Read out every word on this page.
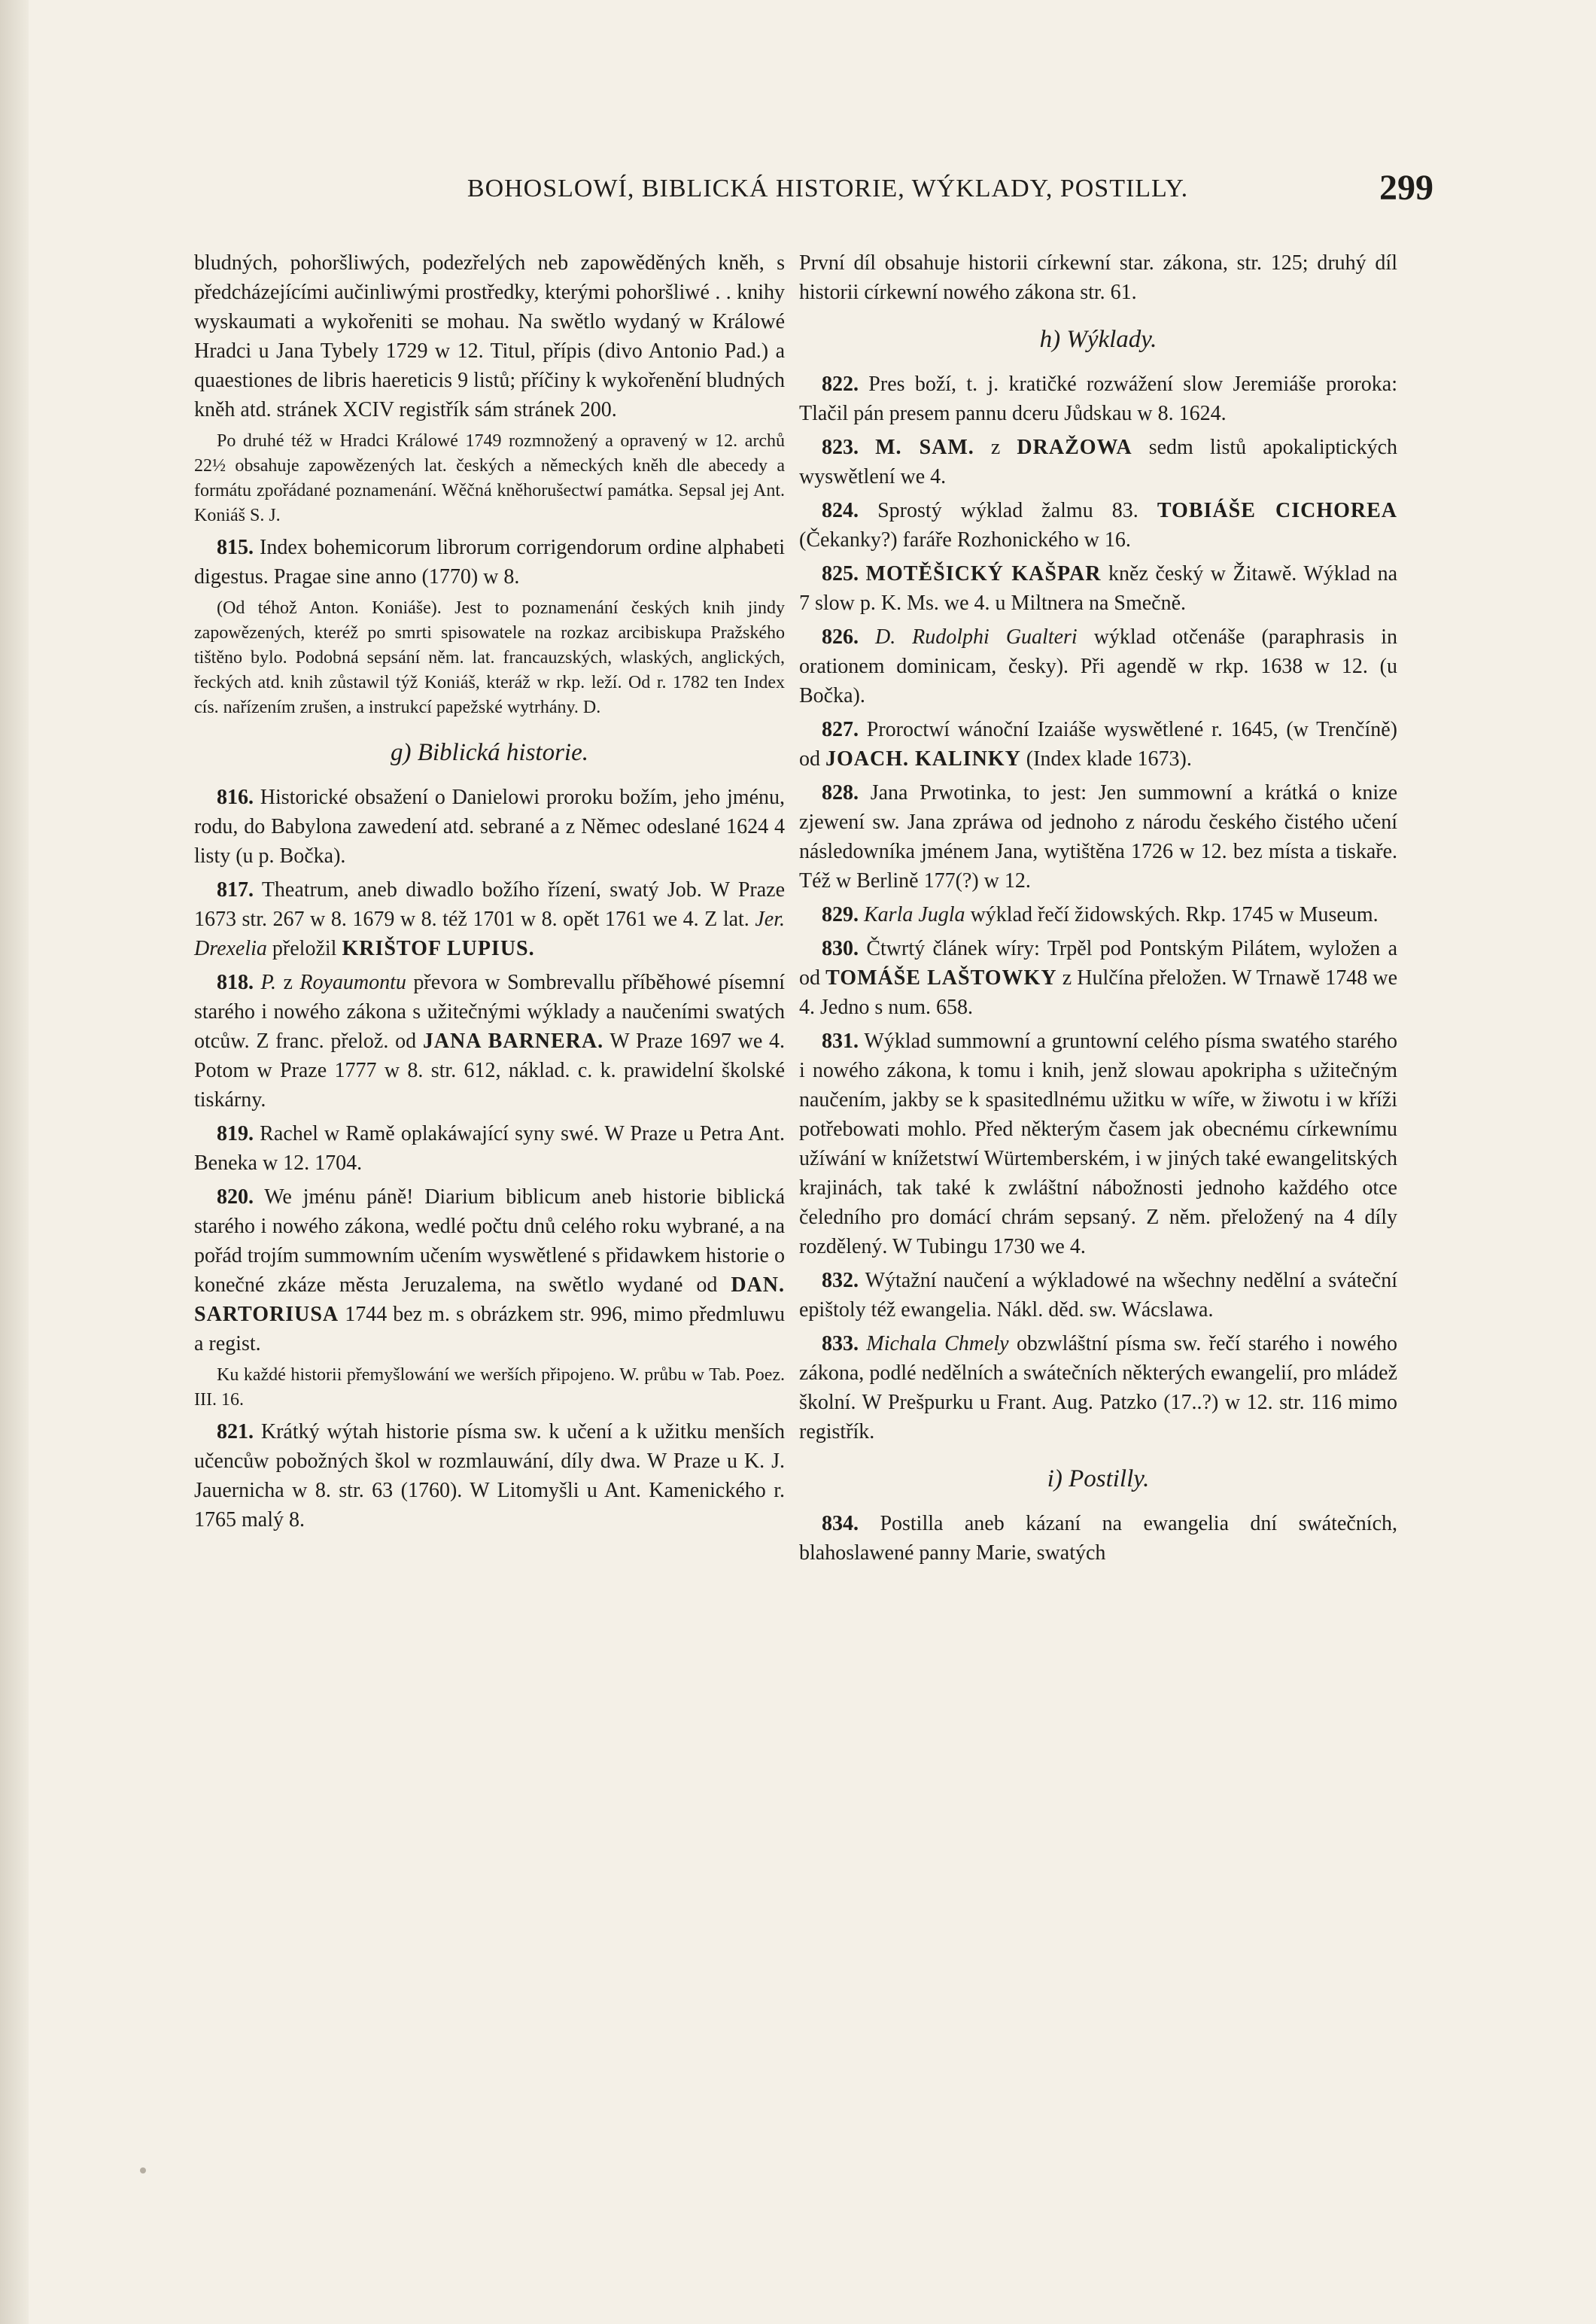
BOHOSLOWÍ, BIBLICKÁ HISTORIE, WÝKLADY, POSTILLY.	299

bludných, pohoršliwých, podezřelých neb zapowěděných kněh, s předcházejícími aučinliwými prostředky, kterými pohoršliwé . . knihy wyskaumati a wykořeniti se mohau. Na swětlo wydaný w Králowé Hradci u Jana Tybely 1729 w 12. Titul, přípis (divo Antonio Pad.) a quaestiones de libris haereticis 9 listů; příčiny k wykořenění bludných kněh atd. stránek XCIV registřík sám stránek 200.

Po druhé též w Hradci Králowé 1749 rozmnožený a opravený w 12. archů 22½ obsahuje zapowězených lat. českých a německých kněh dle abecedy a formátu zpořádané poznamenání. Wěčná kněhorušectwí památka. Sepsal jej Ant. Koniáš S. J.

815. Index bohemicorum librorum corrigendorum ordine alphabeti digestus. Pragae sine anno (1770) w 8.

(Od téhož Anton. Koniáše). Jest to poznamenání českých knih jindy zapowězených, kteréž po smrti spisowatele na rozkaz arcibiskupa Pražského tištěno bylo. Podobná sepsání něm. lat. francauzských, wlaských, anglických, řeckých atd. knih zůstawil týž Koniáš, kteráž w rkp. leží. Od r. 1782 ten Index cís. nařízením zrušen, a instrukcí papežské wytrhány. D.

g) Biblická historie.

816. Historické obsažení o Danielowi proroku božím, jeho jménu, rodu, do Babylona zawedení atd. sebrané a z Němec odeslané 1624 4 listy (u p. Bočka).

817. Theatrum, aneb diwadlo božího řízení, swatý Job. W Praze 1673 str. 267 w 8. 1679 w 8. též 1701 w 8. opět 1761 we 4. Z lat. Jer. Drexelia přeložil KRIŠTOF LUPIUS.

818. P. z Royaumontu převora w Sombrevallu příběhowé písemní starého i nowého zákona s užitečnými wýklady a naučeními swatých otcůw. Z franc. přelož. od JANA BARNERA. W Praze 1697 we 4. Potom w Praze 1777 w 8. str. 612, náklad. c. k. prawidelní školské tiskárny.

819. Rachel w Ramě oplakáwající syny swé. W Praze u Petra Ant. Beneka w 12. 1704.

820. We jménu páně! Diarium biblicum aneb historie biblická starého i nowého zákona, wedlé počtu dnů celého roku wybrané, a na pořád trojím summowním učením wyswětlené s přidawkem historie o konečné zkáze města Jeruzalema, na swětlo wydané od DAN. SARTORIUSA 1744 bez m. s obrázkem str. 996, mimo předmluwu a regist.

Ku každé historii přemyšlowání we werších připojeno. W. průbu w Tab. Poez. III. 16.

821. Krátký wýtah historie písma sw. k učení a k užitku menších učencůw pobožných škol w rozmlauwání, díly dwa. W Praze u K. J. Jauernicha w 8. str. 63 (1760). W Litomyšli u Ant. Kamenického r. 1765 malý 8.

První díl obsahuje historii církewní star. zákona, str. 125; druhý díl historii církewní nowého zákona str. 61.

h) Wýklady.

822. Pres boží, t. j. kratičké rozwážení slow Jeremiáše proroka: Tlačil pán presem pannu dceru Jůdskau w 8. 1624.

823. M. SAM. z DRAŽOWA sedm listů apokaliptických wyswětlení we 4.

824. Sprostý wýklad žalmu 83. TOBIÁŠE CICHOREA (Čekanky?) faráře Rozhonického w 16.

825. MOTĚŠICKÝ KAŠPAR kněz český w Žitawě. Wýklad na 7 slow p. K. Ms. we 4. u Miltnera na Smečně.

826. D. Rudolphi Gualteri wýklad otčenáše (paraphrasis in orationem dominicam, česky). Při agendě w rkp. 1638 w 12. (u Bočka).

827. Proroctwí wánoční Izaiáše wyswětlené r. 1645, (w Trenčíně) od JOACH. KALINKY (Index klade 1673).

828. Jana Prwotinka, to jest: Jen summowní a krátká o knize zjewení sw. Jana zpráwa od jednoho z národu českého čistého učení následowníka jménem Jana, wytištěna 1726 w 12. bez místa a tiskaře. Též w Berlině 177(?) w 12.

829. Karla Jugla wýklad řečí židowských. Rkp. 1745 w Museum.

830. Čtwrtý článek wíry: Trpěl pod Pontským Pilátem, wyložen a od TOMÁŠE LAŠTOWKY z Hulčína přeložen. W Trnawě 1748 we 4. Jedno s num. 658.

831. Wýklad summowní a gruntowní celého písma swatého starého i nowého zákona, k tomu i knih, jenž slowau apokripha s užitečným naučením, jakby se k spasitedlnému užitku w wíře, w žiwotu i w kříži potřebowati mohlo. Před některým časem jak obecnému církewnímu užíwání w knížetstwí Würtemberském, i w jiných také ewangelitských krajinách, tak také k zwláštní nábožnosti jednoho každého otce čeledního pro domácí chrám sepsaný. Z něm. přeložený na 4 díly rozdělený. W Tubingu 1730 we 4.

832. Wýtažní naučení a wýkladowé na wšechny nedělní a sváteční epištoly též ewangelia. Nákl. děd. sw. Wácslawa.

833. Michala Chmely obzwláštní písma sw. řečí starého i nowého zákona, podlé nedělních a swátečních některých ewangelií, pro mládež školní. W Prešpurku u Frant. Aug. Patzko (17..?) w 12. str. 116 mimo registřík.

i) Postilly.

834. Postilla aneb kázaní na ewangelia dní swátečních, blahoslawené panny Marie, swatých
